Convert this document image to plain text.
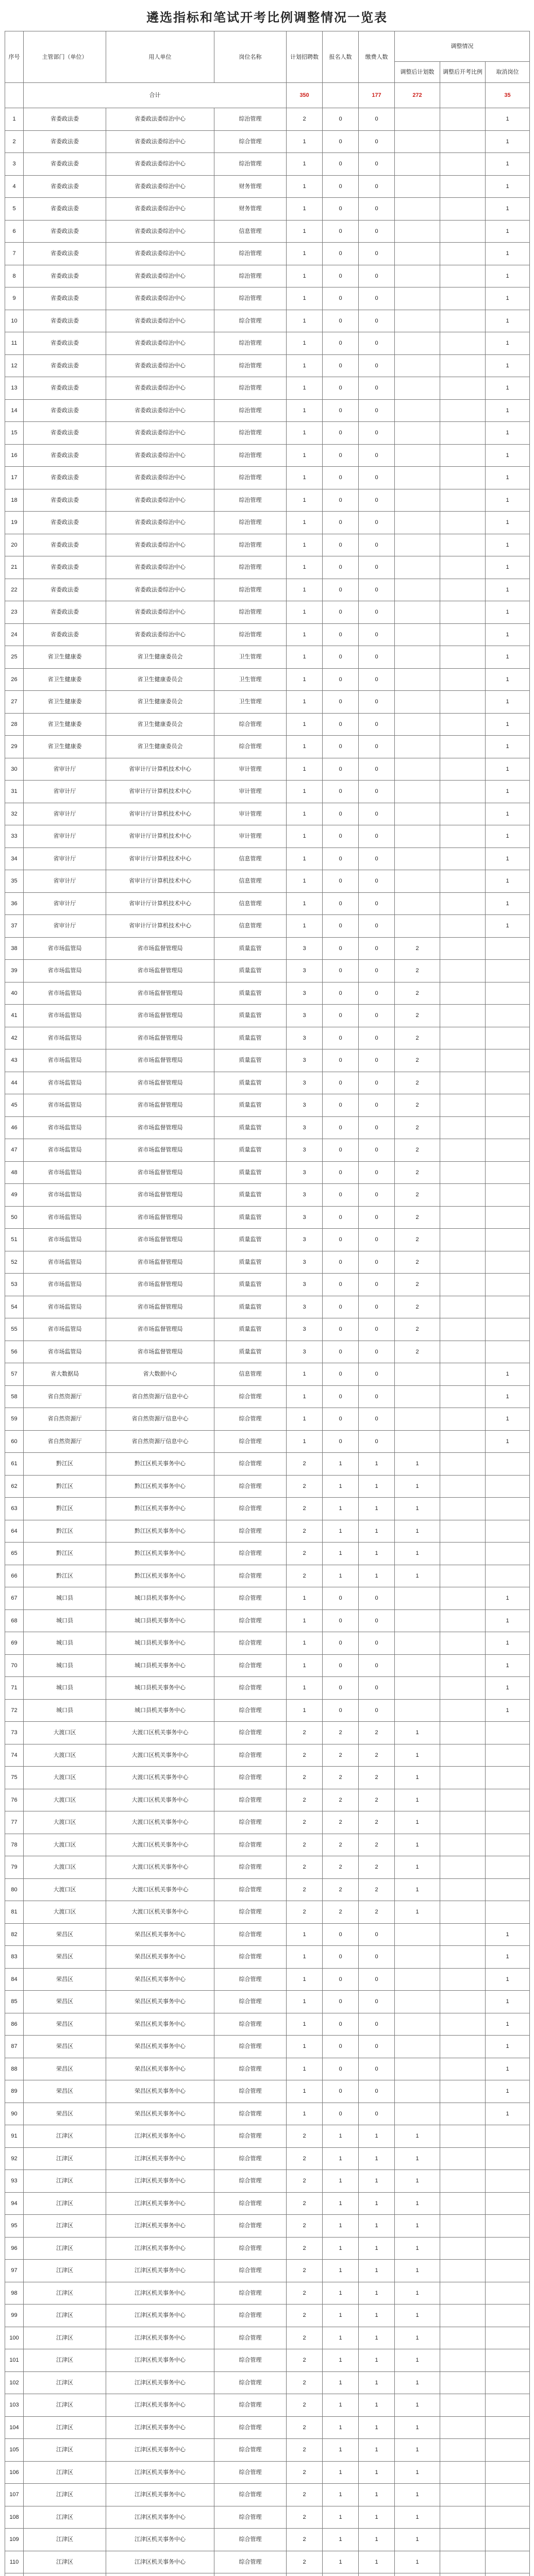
遴选指标和笔试开考比例调整情况一览表
序号	主管部门（单位）	用人单位	岗位名称	计划招聘数	报名人数	缴费人数	调整情况		
							调整后计划数	调整后开考比例	取消岗位
	合计			350		177	272		35
1	省委政法委	省委政法委综治中心	综治管理	2	0	0			1
2	省委政法委	省委政法委综治中心	综合管理	1	0	0			1
3	省委政法委	省委政法委综治中心	综治管理	1	0	0			1
4	省委政法委	省委政法委综治中心	财务管理	1	0	0			1
5	省委政法委	省委政法委综治中心	财务管理	1	0	0			1
6	省委政法委	省委政法委综治中心	信息管理	1	0	0			1
7	省委政法委	省委政法委综治中心	综治管理	1	0	0			1
8	省委政法委	省委政法委综治中心	综治管理	1	0	0			1
9	省委政法委	省委政法委综治中心	综治管理	1	0	0			1
10	省委政法委	省委政法委综治中心	综合管理	1	0	0			1
11	省委政法委	省委政法委综治中心	综治管理	1	0	0			1
12	省委政法委	省委政法委综治中心	综治管理	1	0	0			1
13	省委政法委	省委政法委综治中心	综治管理	1	0	0			1
14	省委政法委	省委政法委综治中心	综治管理	1	0	0			1
15	省委政法委	省委政法委综治中心	综治管理	1	0	0			1
16	省委政法委	省委政法委综治中心	综治管理	1	0	0			1
17	省委政法委	省委政法委综治中心	综治管理	1	0	0			1
18	省委政法委	省委政法委综治中心	综治管理	1	0	0			1
19	省委政法委	省委政法委综治中心	综治管理	1	0	0			1
20	省委政法委	省委政法委综治中心	综治管理	1	0	0			1
21	省委政法委	省委政法委综治中心	综治管理	1	0	0			1
22	省委政法委	省委政法委综治中心	综治管理	1	0	0			1
23	省委政法委	省委政法委综治中心	综治管理	1	0	0			1
24	省委政法委	省委政法委综治中心	综治管理	1	0	0			1
25	省卫生健康委	省卫生健康委员会	卫生管理	1	0	0			1
26	省卫生健康委	省卫生健康委员会	卫生管理	1	0	0			1
27	省卫生健康委	省卫生健康委员会	卫生管理	1	0	0			1
28	省卫生健康委	省卫生健康委员会	综合管理	1	0	0			1
29	省卫生健康委	省卫生健康委员会	综合管理	1	0	0			1
30	省审计厅	省审计厅计算机技术中心	审计管理	1	0	0			1
31	省审计厅	省审计厅计算机技术中心	审计管理	1	0	0			1
32	省审计厅	省审计厅计算机技术中心	审计管理	1	0	0			1
33	省审计厅	省审计厅计算机技术中心	审计管理	1	0	0			1
34	省审计厅	省审计厅计算机技术中心	信息管理	1	0	0			1
35	省审计厅	省审计厅计算机技术中心	信息管理	1	0	0			1
36	省审计厅	省审计厅计算机技术中心	信息管理	1	0	0			1
37	省审计厅	省审计厅计算机技术中心	信息管理	1	0	0			1
38	省市场监管局	省市场监督管理局	质量监管	3	0	0	2		
39	省市场监管局	省市场监督管理局	质量监管	3	0	0	2		
40	省市场监管局	省市场监督管理局	质量监管	3	0	0	2		
41	省市场监管局	省市场监督管理局	质量监管	3	0	0	2		
42	省市场监管局	省市场监督管理局	质量监管	3	0	0	2		
43	省市场监管局	省市场监督管理局	质量监管	3	0	0	2		
44	省市场监管局	省市场监督管理局	质量监管	3	0	0	2		
45	省市场监管局	省市场监督管理局	质量监管	3	0	0	2		
46	省市场监管局	省市场监督管理局	质量监管	3	0	0	2		
47	省市场监管局	省市场监督管理局	质量监管	3	0	0	2		
48	省市场监管局	省市场监督管理局	质量监管	3	0	0	2		
49	省市场监管局	省市场监督管理局	质量监管	3	0	0	2		
50	省市场监管局	省市场监督管理局	质量监管	3	0	0	2		
51	省市场监管局	省市场监督管理局	质量监管	3	0	0	2		
52	省市场监管局	省市场监督管理局	质量监管	3	0	0	2		
53	省市场监管局	省市场监督管理局	质量监管	3	0	0	2		
54	省市场监管局	省市场监督管理局	质量监管	3	0	0	2		
55	省市场监管局	省市场监督管理局	质量监管	3	0	0	2		
56	省市场监管局	省市场监督管理局	质量监管	3	0	0	2		
57	省大数据局	省大数据中心	信息管理	1	0	0			1
58	省自然资源厅	省自然资源厅信息中心	综合管理	1	0	0			1
59	省自然资源厅	省自然资源厅信息中心	综合管理	1	0	0			1
60	省自然资源厅	省自然资源厅信息中心	综合管理	1	0	0			1
61	黔江区	黔江区机关事务中心	综合管理	2	1	1	1		
62	黔江区	黔江区机关事务中心	综合管理	2	1	1	1		
63	黔江区	黔江区机关事务中心	综合管理	2	1	1	1		
64	黔江区	黔江区机关事务中心	综合管理	2	1	1	1		
65	黔江区	黔江区机关事务中心	综合管理	2	1	1	1		
66	黔江区	黔江区机关事务中心	综合管理	2	1	1	1		
67	城口县	城口县机关事务中心	综合管理	1	0	0			1
68	城口县	城口县机关事务中心	综合管理	1	0	0			1
69	城口县	城口县机关事务中心	综合管理	1	0	0			1
70	城口县	城口县机关事务中心	综合管理	1	0	0			1
71	城口县	城口县机关事务中心	综合管理	1	0	0			1
72	城口县	城口县机关事务中心	综合管理	1	0	0			1
73	大渡口区	大渡口区机关事务中心	综合管理	2	2	2	1		
74	大渡口区	大渡口区机关事务中心	综合管理	2	2	2	1		
75	大渡口区	大渡口区机关事务中心	综合管理	2	2	2	1		
76	大渡口区	大渡口区机关事务中心	综合管理	2	2	2	1		
77	大渡口区	大渡口区机关事务中心	综合管理	2	2	2	1		
78	大渡口区	大渡口区机关事务中心	综合管理	2	2	2	1		
79	大渡口区	大渡口区机关事务中心	综合管理	2	2	2	1		
80	大渡口区	大渡口区机关事务中心	综合管理	2	2	2	1		
81	大渡口区	大渡口区机关事务中心	综合管理	2	2	2	1		
82	荣昌区	荣昌区机关事务中心	综合管理	1	0	0			1
83	荣昌区	荣昌区机关事务中心	综合管理	1	0	0			1
84	荣昌区	荣昌区机关事务中心	综合管理	1	0	0			1
85	荣昌区	荣昌区机关事务中心	综合管理	1	0	0			1
86	荣昌区	荣昌区机关事务中心	综合管理	1	0	0			1
87	荣昌区	荣昌区机关事务中心	综合管理	1	0	0			1
88	荣昌区	荣昌区机关事务中心	综合管理	1	0	0			1
89	荣昌区	荣昌区机关事务中心	综合管理	1	0	0			1
90	荣昌区	荣昌区机关事务中心	综合管理	1	0	0			1
91	江津区	江津区机关事务中心	综合管理	2	1	1	1		
92	江津区	江津区机关事务中心	综合管理	2	1	1	1		
93	江津区	江津区机关事务中心	综合管理	2	1	1	1		
94	江津区	江津区机关事务中心	综合管理	2	1	1	1		
95	江津区	江津区机关事务中心	综合管理	2	1	1	1		
96	江津区	江津区机关事务中心	综合管理	2	1	1	1		
97	江津区	江津区机关事务中心	综合管理	2	1	1	1		
98	江津区	江津区机关事务中心	综合管理	2	1	1	1		
99	江津区	江津区机关事务中心	综合管理	2	1	1	1		
100	江津区	江津区机关事务中心	综合管理	2	1	1	1		
101	江津区	江津区机关事务中心	综合管理	2	1	1	1		
102	江津区	江津区机关事务中心	综合管理	2	1	1	1		
103	江津区	江津区机关事务中心	综合管理	2	1	1	1		
104	江津区	江津区机关事务中心	综合管理	2	1	1	1		
105	江津区	江津区机关事务中心	综合管理	2	1	1	1		
106	江津区	江津区机关事务中心	综合管理	2	1	1	1		
107	江津区	江津区机关事务中心	综合管理	2	1	1	1		
108	江津区	江津区机关事务中心	综合管理	2	1	1	1		
109	江津区	江津区机关事务中心	综合管理	2	1	1	1		
110	江津区	江津区机关事务中心	综合管理	2	1	1	1		
